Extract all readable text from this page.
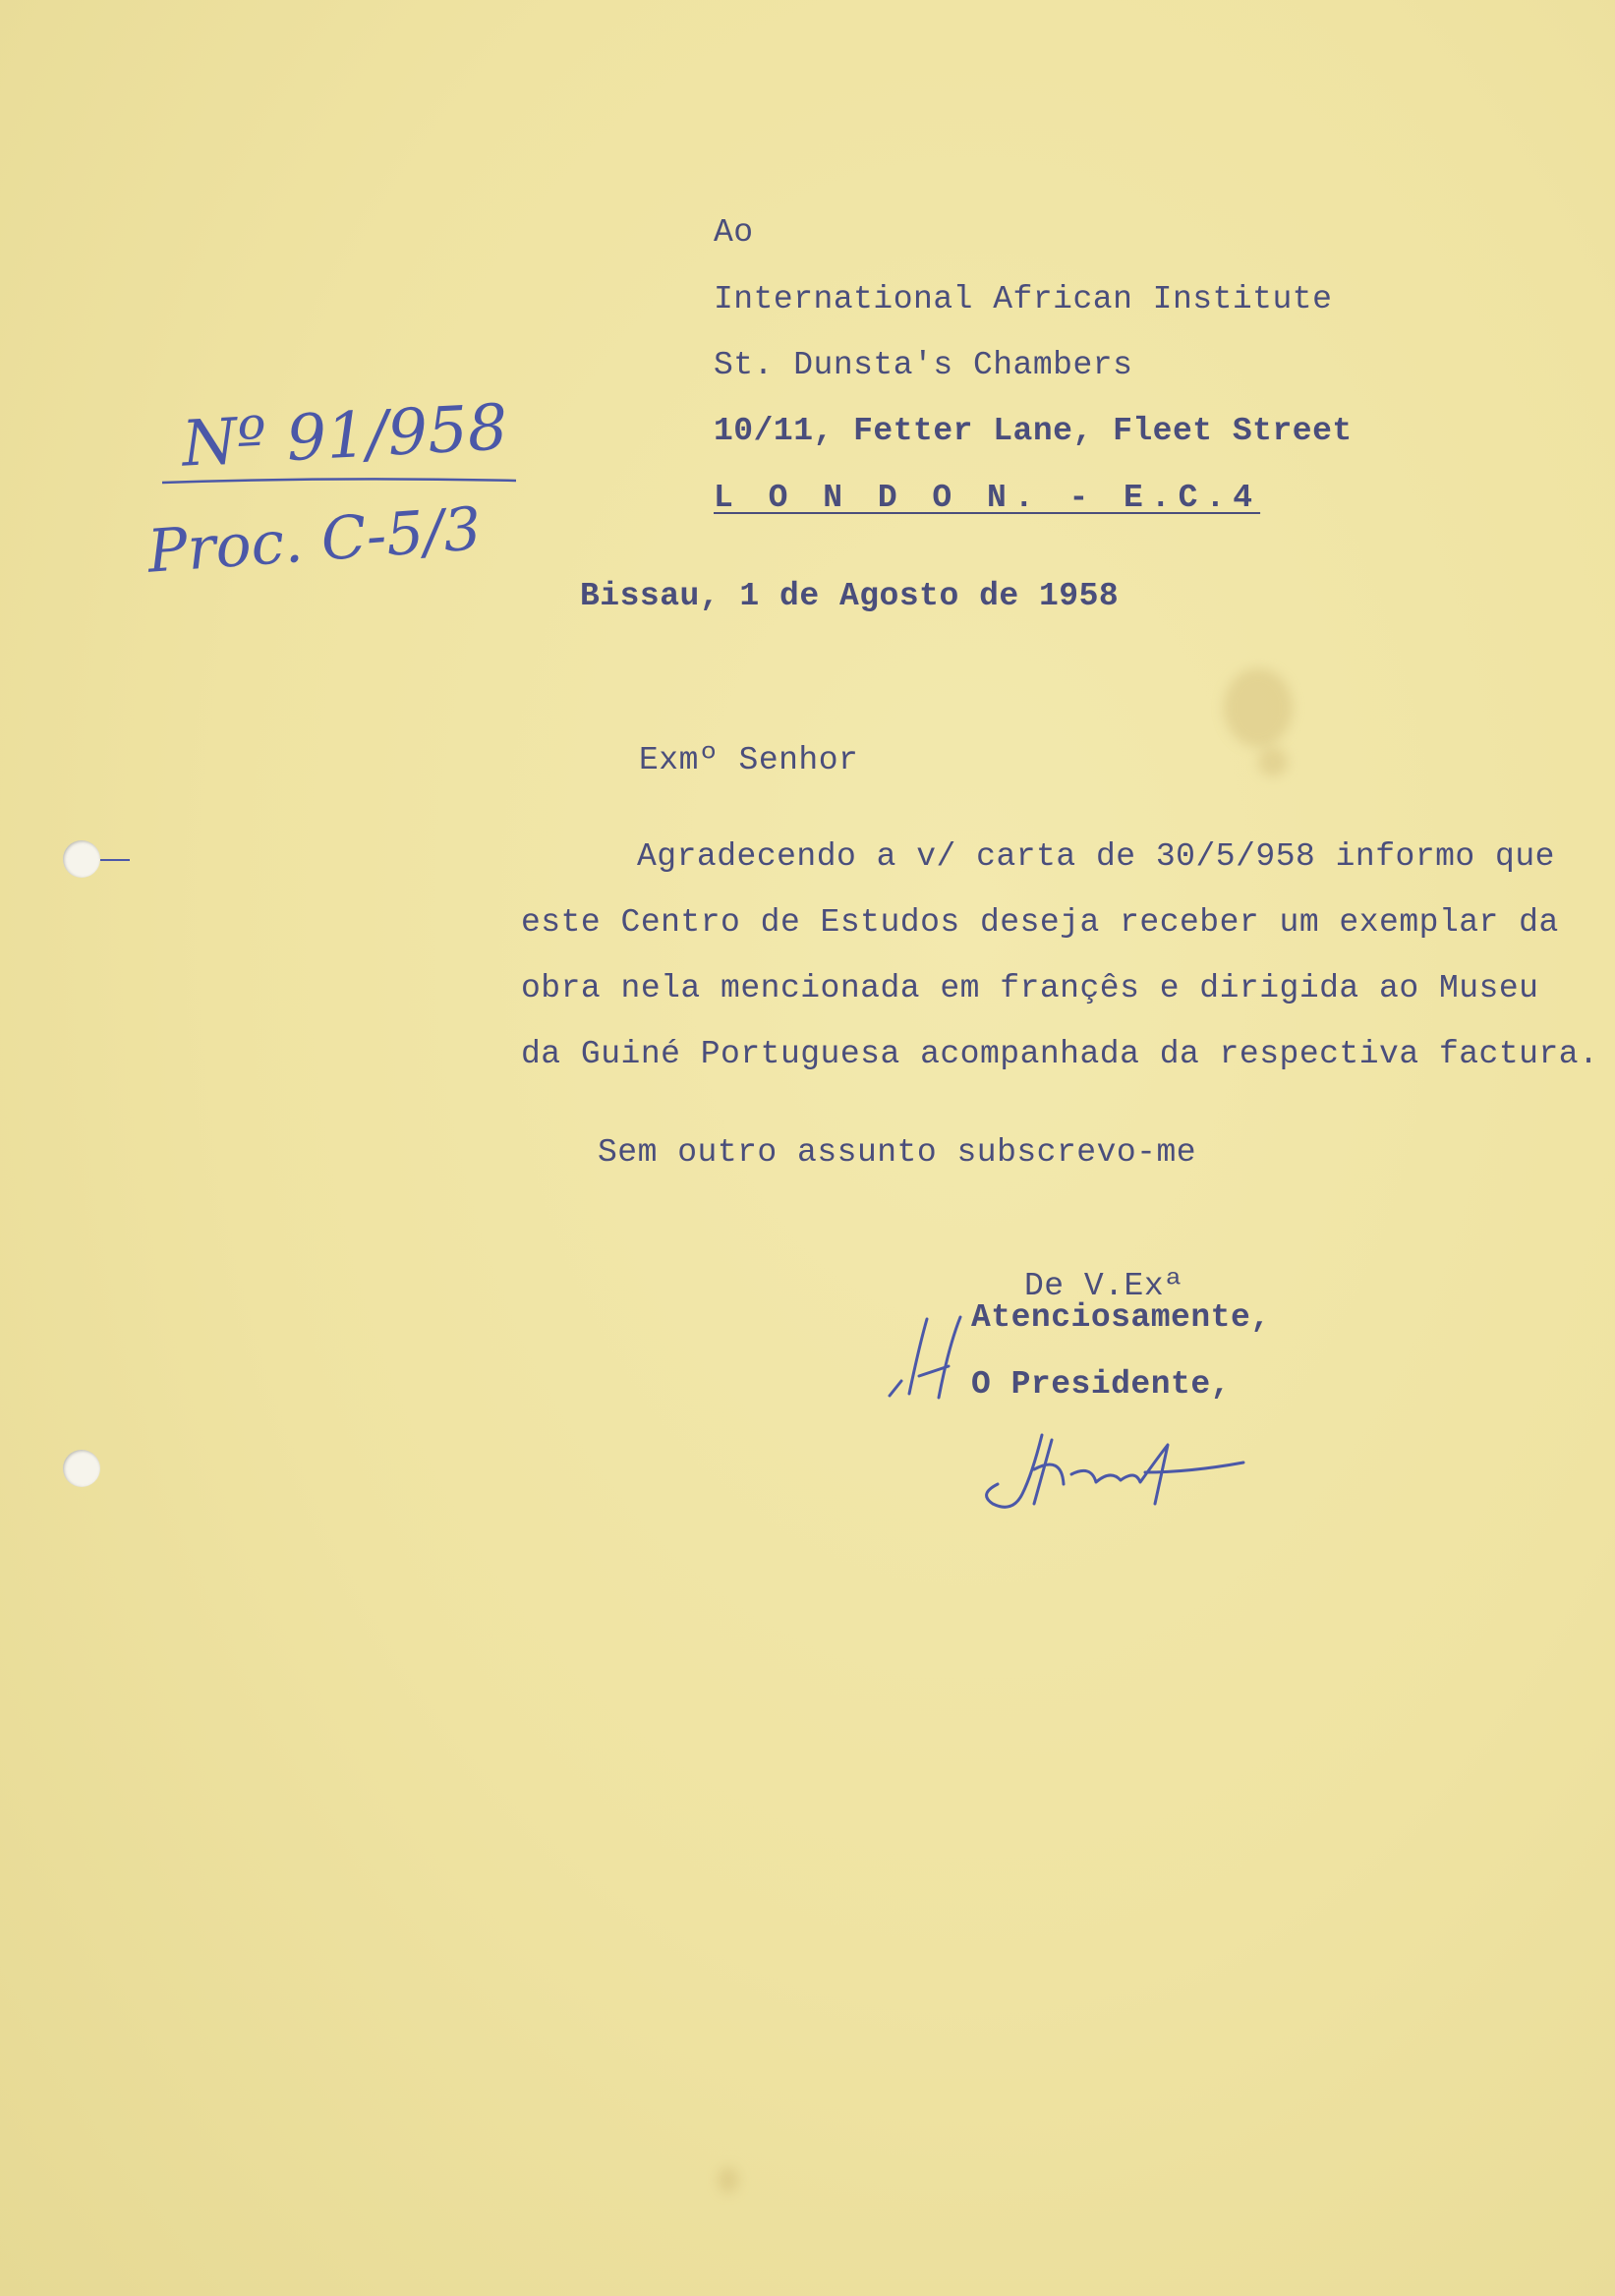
Ao
International African Institute
St. Dunsta's Chambers
10/11, Fetter Lane, Fleet Street
L O N D O N. - E.C.4
Nº 91/958
Proc. C-5/3
Bissau, 1 de Agosto de 1958
Exmº Senhor
Agradecendo a v/ carta de 30/5/958 informo que
este Centro de Estudos deseja receber um exemplar da
obra nela mencionada em françês e dirigida ao Museu
da Guiné Portuguesa acompanhada da respectiva factura.
Sem outro assunto subscrevo-me
De V.Exª
Atenciosamente,
O Presidente,
